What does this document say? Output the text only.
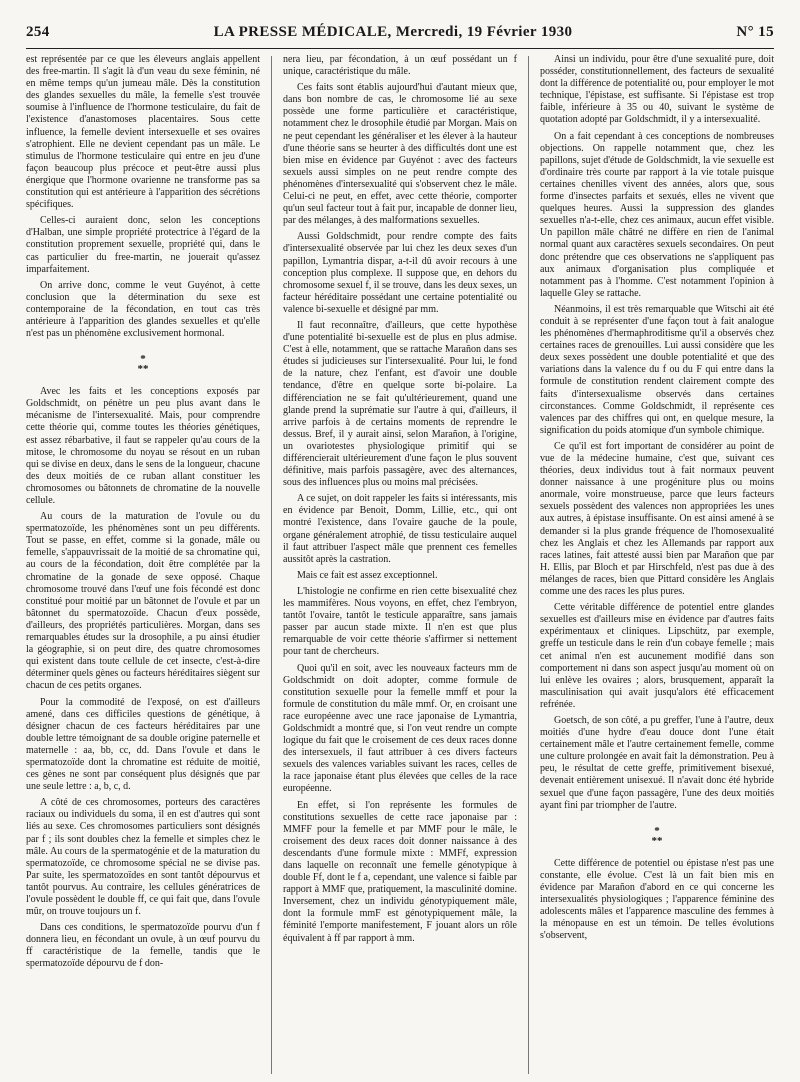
254	LA PRESSE MÉDICALE, Mercredi, 19 Février 1930	N° 15

est représentée par ce que les éleveurs anglais appellent des free-martin. Il s'agit là d'un veau du sexe féminin, né en même temps qu'un jumeau mâle. Dès la constitution des glandes sexuelles du mâle, la femelle s'est trouvée soumise à l'influence de l'hormone testiculaire, du fait de l'existence d'anastomoses placentaires. Sous cette influence, la femelle devient intersexuelle et ses ovaires s'atrophient. Elle ne devient cependant pas un mâle. Le stimulus de l'hormone testiculaire qui entre en jeu d'une façon beaucoup plus précoce et peut-être aussi plus énergique que l'hormone ovarienne ne transforme pas sa constitution qui est antérieure à l'apparition des sécrétions spécifiques.

Celles-ci auraient donc, selon les conceptions d'Halban, une simple propriété protectrice à l'égard de la constitution proprement sexuelle, propriété qui, dans le cas particulier du free-martin, ne jouerait qu'assez imparfaitement.

On arrive donc, comme le veut Guyénot, à cette conclusion que la détermination du sexe est contemporaine de la fécondation, en tout cas très antérieure à l'apparition des glandes sexuelles et qu'elle n'est pas un phénomène exclusivement hormonal.

*
**

Avec les faits et les conceptions exposés par Goldschmidt, on pénètre un peu plus avant dans le mécanisme de l'intersexualité. Mais, pour comprendre cette théorie qui, comme toutes les théories génétiques, est assez rébarbative, il faut se rappeler qu'au cours de la mitose, le chromosome du noyau se résout en un ruban qui se divise en deux, dans le sens de la longueur, chacune des deux moitiés de ce ruban allant constituer les chromosomes ou bâtonnets de chromatine de la nouvelle cellule.

Au cours de la maturation de l'ovule ou du spermatozoïde, les phénomènes sont un peu différents. Tout se passe, en effet, comme si la gonade, mâle ou femelle, s'appauvrissait de la moitié de sa chromatine qui, au cours de la fécondation, doit être complétée par la chromatine de la gonade de sexe opposé. Chaque chromosome trouvé dans l'œuf une fois fécondé est donc constitué pour moitié par un bâtonnet de l'ovule et par un bâtonnet du spermatozoïde. Chacun d'eux possède, d'ailleurs, des propriétés particulières. Morgan, dans ses remarquables études sur la drosophile, a pu ainsi étudier la géographie, si on peut dire, des quatre chromosomes qui existent dans toute cellule de cet insecte, c'est-à-dire déterminer quels gènes ou facteurs héréditaires siègent sur chacun de ces petits organes.

Pour la commodité de l'exposé, on est d'ailleurs amené, dans ces difficiles questions de génétique, à désigner chacun de ces facteurs héréditaires par une double lettre témoignant de sa double origine paternelle et maternelle : aa, bb, cc, dd. Dans l'ovule et dans le spermatozoïde dont la chromatine est réduite de moitié, ces gènes ne sont par conséquent plus désignés que par une seule lettre : a, b, c, d.

A côté de ces chromosomes, porteurs des caractères raciaux ou individuels du soma, il en est d'autres qui sont liés au sexe. Ces chromosomes particuliers sont désignés par f ; ils sont doubles chez la femelle et simples chez le mâle. Au cours de la spermatogénie et de la maturation du spermatozoïde, ce chromosome spécial ne se divise pas. Par suite, les spermatozoïdes en sont tantôt dépourvus et tantôt pourvus. Au contraire, les cellules génératrices de l'ovule possèdent le double ff, ce qui fait que, dans l'ovule mûr, on trouve toujours un f.

Dans ces conditions, le spermatozoïde pourvu d'un f donnera lieu, en fécondant un ovule, à un œuf pourvu du ff caractéristique de la femelle, tandis que le spermatozoïde dépourvu de f don-

nera lieu, par fécondation, à un œuf possédant un f unique, caractéristique du mâle.

Ces faits sont établis aujourd'hui d'autant mieux que, dans bon nombre de cas, le chromosome lié au sexe possède une forme particulière et caractéristique, notamment chez le drosophile étudié par Morgan. Mais on ne peut cependant les généraliser et les élever à la hauteur d'une théorie sans se heurter à des difficultés dont une est bien mise en évidence par Guyénot : avec des facteurs sexuels aussi simples on ne peut rendre compte des phénomènes d'intersexualité qui s'observent chez le mâle. Celui-ci ne peut, en effet, avec cette théorie, comporter qu'un seul facteur tout à fait pur, incapable de donner lieu, par des mélanges, à des malformations sexuelles.

Aussi Goldschmidt, pour rendre compte des faits d'intersexualité observée par lui chez les deux sexes d'un papillon, Lymantria dispar, a-t-il dû avoir recours à une conception plus complexe. Il suppose que, en dehors du chromosome sexuel f, il se trouve, dans les deux sexes, un facteur héréditaire possédant une certaine potentialité ou valence bi-sexuelle et désigné par mm.

Il faut reconnaître, d'ailleurs, que cette hypothèse d'une potentialité bi-sexuelle est de plus en plus admise. C'est à elle, notamment, que se rattache Marañon dans ses études si judicieuses sur l'intersexualité. Pour lui, le fond de la nature, chez l'enfant, est d'avoir une double tendance, d'être en quelque sorte bi-polaire. La différenciation ne se fait qu'ultérieurement, quand une glande prend la suprématie sur l'autre à qui, d'ailleurs, il arrive parfois à de certains moments de reprendre le dessus. Bref, il y aurait ainsi, selon Marañon, à l'origine, un ovariotestes physiologique primitif qui se différencierait ultérieurement d'une façon le plus souvent définitive, mais parfois passagère, avec des alternances, sous des influences plus ou moins mal précisées.

A ce sujet, on doit rappeler les faits si intéressants, mis en évidence par Benoit, Domm, Lillie, etc., qui ont montré l'existence, dans l'ovaire gauche de la poule, organe généralement atrophié, de tissu testiculaire auquel il faut attribuer l'aspect mâle que prennent ces femelles aussitôt après la castration.

Mais ce fait est assez exceptionnel.

L'histologie ne confirme en rien cette bisexualité chez les mammifères. Nous voyons, en effet, chez l'embryon, tantôt l'ovaire, tantôt le testicule apparaître, sans jamais passer par aucun stade mixte. Il n'en est que plus remarquable de voir cette théorie s'affirmer si nettement pour tant de chercheurs.

Quoi qu'il en soit, avec les nouveaux facteurs mm de Goldschmidt on doit adopter, comme formule de constitution sexuelle pour la femelle mmff et pour la formule de constitution du mâle mmf. Or, en croisant une race européenne avec une race japonaise de Lymantria, Goldschmidt a montré que, si l'on veut rendre un compte logique du fait que le croisement de ces deux races donne des intersexuels, il faut attribuer à ces divers facteurs sexuels des valences variables suivant les races, celles de la race japonaise étant plus élevées que celles de la race européenne.

En effet, si l'on représente les formules de constitutions sexuelles de cette race japonaise par : MMFF pour la femelle et par MMF pour le mâle, le croisement des deux races doit donner naissance à des descendants d'une formule mixte : MMFf, expression dans laquelle on reconnaît une femelle génotypique à double Ff, dont le f a, cependant, une valence si faible par rapport à MMF que, pratiquement, la masculinité domine. Inversement, chez un individu génotypiquement mâle, dont la formule mmF est génotypiquement mâle, la féminité l'emporte manifestement, F jouant alors un rôle équivalent à ff par rapport à mm.

Ainsi un individu, pour être d'une sexualité pure, doit posséder, constitutionnellement, des facteurs de sexualité dont la différence de potentialité ou, pour employer le mot technique, l'épistase, est suffisante. Si l'épistase est trop faible, inférieure à 35 ou 40, suivant le système de quotation adopté par Goldschmidt, il y a intersexualité.

On a fait cependant à ces conceptions de nombreuses objections. On rappelle notamment que, chez les papillons, sujet d'étude de Goldschmidt, la vie sexuelle est d'ordinaire très courte par rapport à la vie totale puisque certaines chenilles vivent des années, alors que, sous forme d'insectes parfaits et sexués, elles ne vivent que quelques heures. Aussi la suppression des glandes sexuelles n'a-t-elle, chez ces animaux, aucun effet visible. Un papillon mâle châtré ne diffère en rien de l'animal normal quant aux caractères sexuels secondaires. On peut donc prétendre que ces observations ne s'appliquent pas aux animaux d'organisation plus compliquée et notamment pas à l'homme. C'est notamment l'opinion à laquelle Gley se rattache.

Néanmoins, il est très remarquable que Witschi ait été conduit à se représenter d'une façon tout à fait analogue les phénomènes d'hermaphroditisme qu'il a observés chez certaines races de grenouilles. Lui aussi considère que les deux sexes possèdent une double potentialité et que des variations dans la valence du f ou du F qui entre dans la formule de constitution rendent clairement compte des faits d'intersexualisme observés dans certaines circonstances. Comme Goldschmidt, il représente ces valences par des chiffres qui ont, en quelque mesure, la signification du poids atomique d'un symbole chimique.

Ce qu'il est fort important de considérer au point de vue de la médecine humaine, c'est que, suivant ces théories, deux individus tout à fait normaux peuvent donner naissance à une progéniture plus ou moins anormale, voire monstrueuse, parce que leurs facteurs sexuels possèdent des valences non appropriées les unes aux autres, à épistase insuffisante. On est ainsi amené à se demander si la plus grande fréquence de l'homosexualité chez les Anglais et chez les Allemands par rapport aux races latines, fait attesté aussi bien par Marañon que par H. Ellis, par Bloch et par Hirschfeld, n'est pas due à des mélanges de races, bien que Pittard considère les Anglais comme une des races les plus pures.

Cette véritable différence de potentiel entre glandes sexuelles est d'ailleurs mise en évidence par d'autres faits expérimentaux et cliniques. Lipschütz, par exemple, greffe un testicule dans le rein d'un cobaye femelle ; mais cet animal n'en est aucunement modifié dans son comportement ni dans son aspect jusqu'au moment où on lui enlève les ovaires ; alors, brusquement, apparaît la masculinisation qui avait jusqu'alors été efficacement refrénée.

Goetsch, de son côté, a pu greffer, l'une à l'autre, deux moitiés d'une hydre d'eau douce dont l'une était certainement mâle et l'autre certainement femelle, comme une culture prolongée en avait fait la démonstration. Peu à peu, le résultat de cette greffe, primitivement bisexué, devenait entièrement unisexué. Il n'avait donc été hybride sexuel que d'une façon passagère, l'une des deux moitiés ayant fini par triompher de l'autre.

*
**

Cette différence de potentiel ou épistase n'est pas une constante, elle évolue. C'est là un fait bien mis en évidence par Marañon d'abord en ce qui concerne les intersexualités physiologiques ; l'apparence féminine des adolescents mâles et l'apparence masculine des femmes à la ménopause en est un témoin. De telles évolutions s'observent,
